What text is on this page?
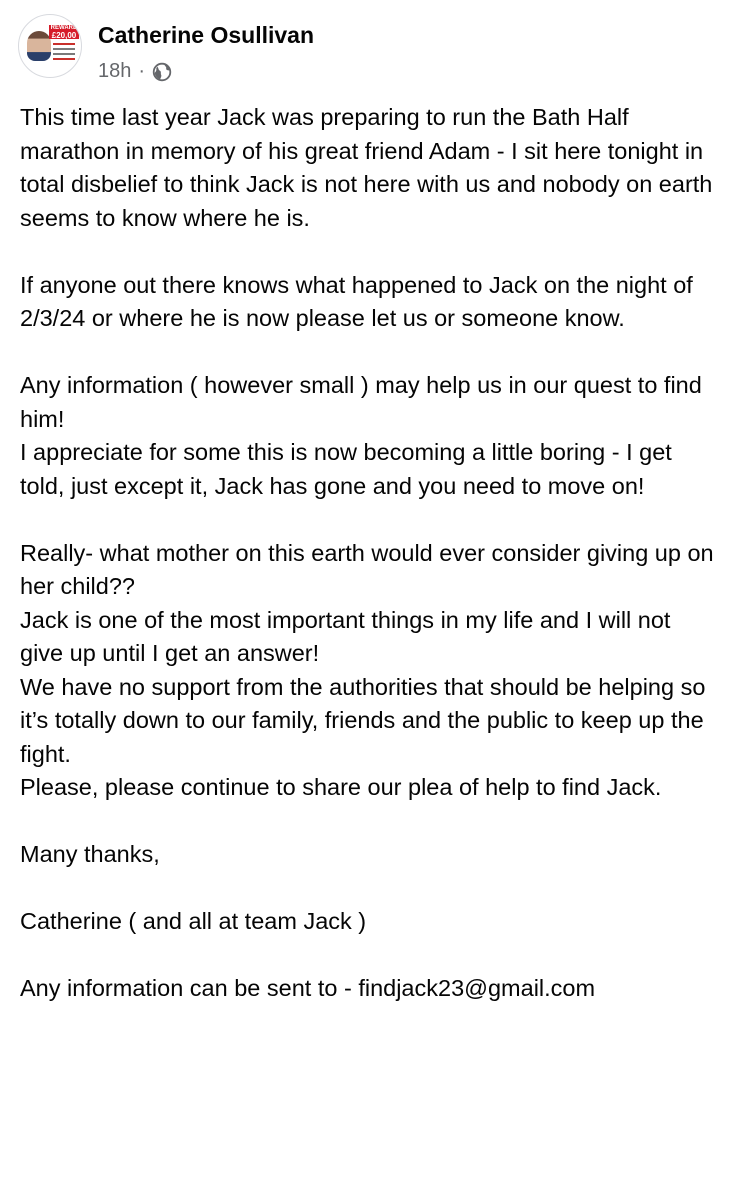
REWARD
£20,00 Catherine Osullivan
18h ·

This time last year Jack was preparing to run the Bath Half marathon in memory of his great friend Adam - I sit here tonight in total disbelief to think Jack is not here with us and nobody on earth seems to know where he is.

If anyone out there knows what happened to Jack on the night of 2/3/24 or where he is now please let us or someone know.

Any information ( however small ) may help us in our quest to find him!

I appreciate for some this is now becoming a little boring - I get told, just except it, Jack has gone and you need to move on!

Really- what mother on this earth would ever consider giving up on her child??

Jack is one of the most important things in my life and I will not give up until I get an answer!

We have no support from the authorities that should be helping so it’s totally down to our family, friends and the public to keep up the fight.

Please, please continue to share our plea of help to find Jack.

Many thanks,

Catherine ( and all at team Jack )

Any information can be sent to - findjack23@gmail.com
